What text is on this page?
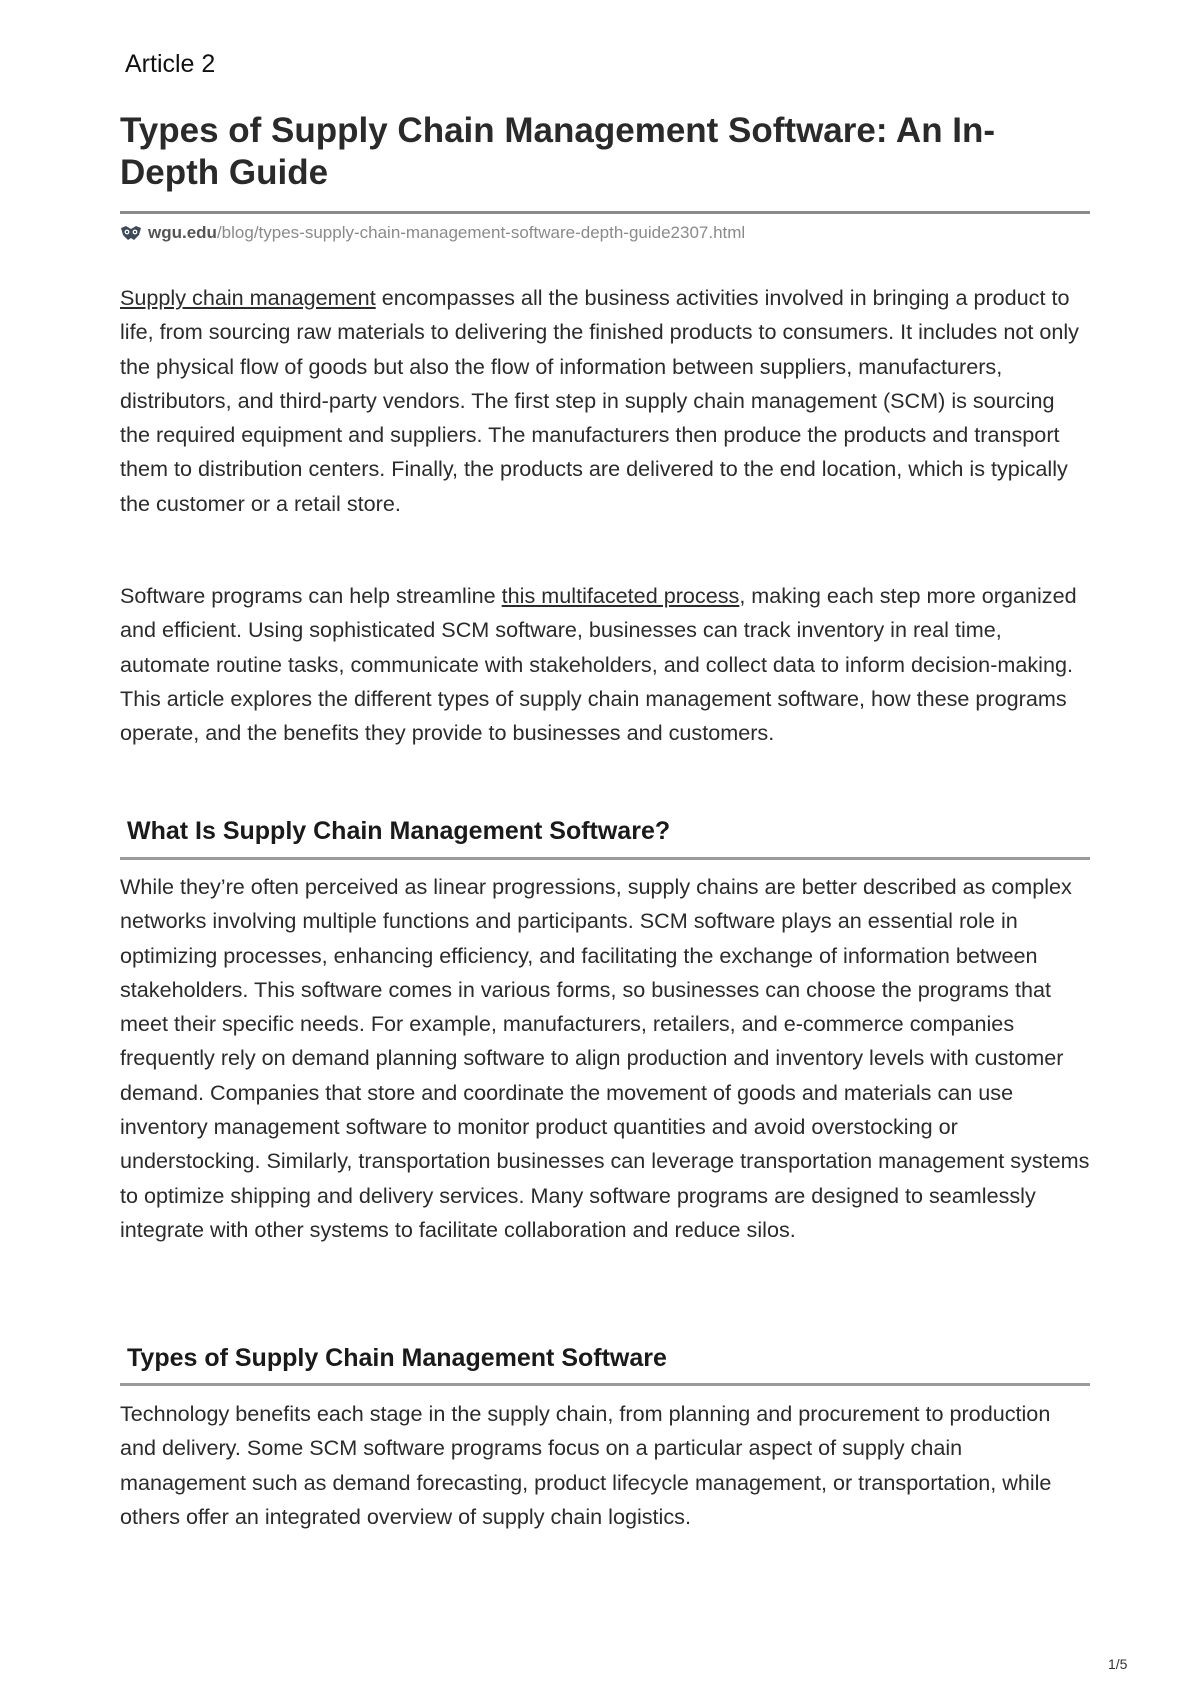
Article 2
Types of Supply Chain Management Software: An In-Depth Guide
wgu.edu /blog/types-supply-chain-management-software-depth-guide2307.html

Supply chain management encompasses all the business activities involved in bringing a product to life, from sourcing raw materials to delivering the finished products to consumers. It includes not only the physical flow of goods but also the flow of information between suppliers, manufacturers, distributors, and third-party vendors. The first step in supply chain management (SCM) is sourcing the required equipment and suppliers. The manufacturers then produce the products and transport them to distribution centers. Finally, the products are delivered to the end location, which is typically the customer or a retail store.

Software programs can help streamline this multifaceted process, making each step more organized and efficient. Using sophisticated SCM software, businesses can track inventory in real time, automate routine tasks, communicate with stakeholders, and collect data to inform decision-making. This article explores the different types of supply chain management software, how these programs operate, and the benefits they provide to businesses and customers.

What Is Supply Chain Management Software?

While they’re often perceived as linear progressions, supply chains are better described as complex networks involving multiple functions and participants. SCM software plays an essential role in optimizing processes, enhancing efficiency, and facilitating the exchange of information between stakeholders. This software comes in various forms, so businesses can choose the programs that meet their specific needs. For example, manufacturers, retailers, and e-commerce companies frequently rely on demand planning software to align production and inventory levels with customer demand. Companies that store and coordinate the movement of goods and materials can use inventory management software to monitor product quantities and avoid overstocking or understocking. Similarly, transportation businesses can leverage transportation management systems to optimize shipping and delivery services. Many software programs are designed to seamlessly integrate with other systems to facilitate collaboration and reduce silos.

Types of Supply Chain Management Software

Technology benefits each stage in the supply chain, from planning and procurement to production and delivery. Some SCM software programs focus on a particular aspect of supply chain management such as demand forecasting, product lifecycle management, or transportation, while others offer an integrated overview of supply chain logistics.

1/5
